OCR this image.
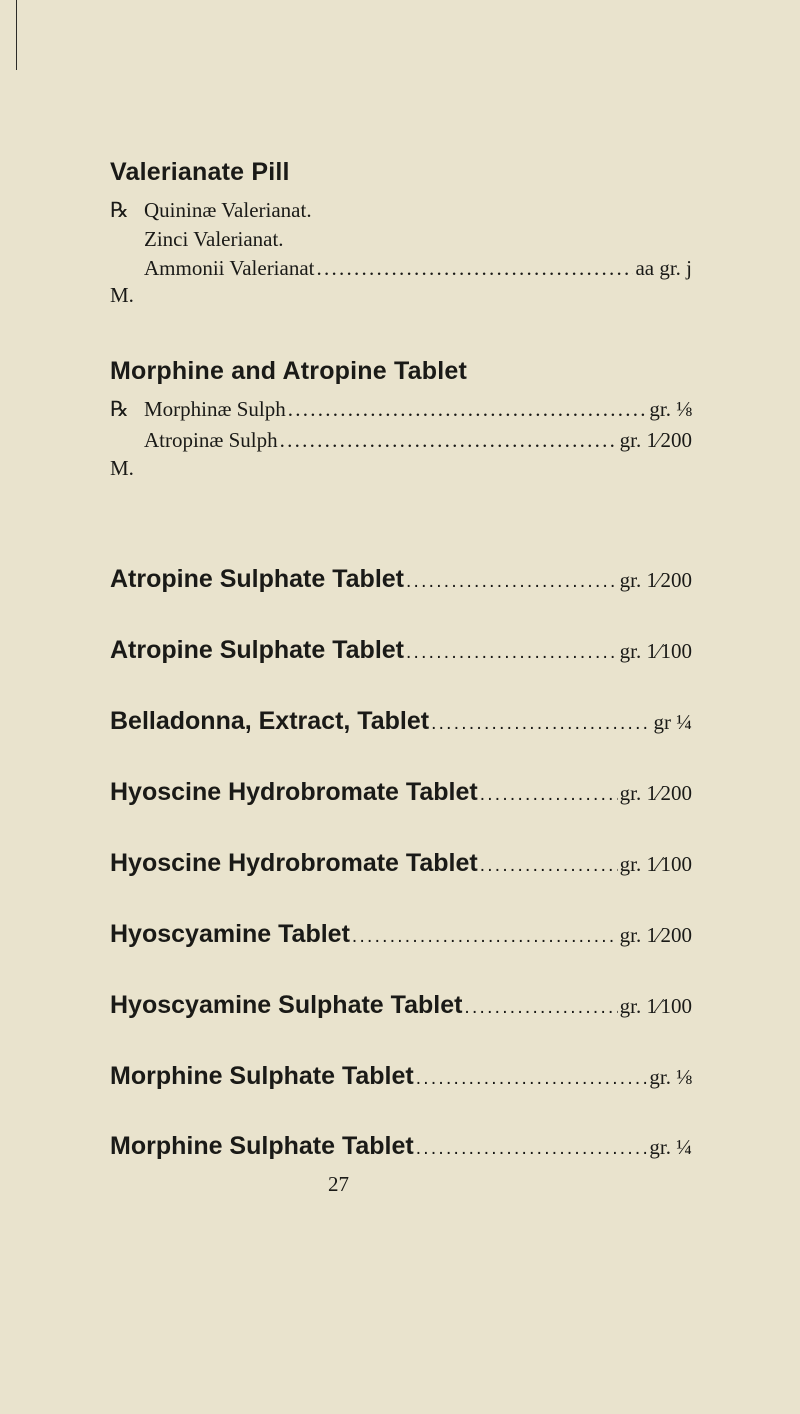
Valerianate Pill
℞ Quininæ Valerianat.
Zinci Valerianat.
Ammonii Valerianat . . .	aa gr. j
M.
Morphine and Atropine Tablet
℞ Morphinæ Sulph . . .	gr. ⅛
Atropinæ Sulph . . .	gr. 1⁄200
M.
Atropine Sulphate Tablet . . .	gr. 1⁄200
Atropine Sulphate Tablet . . .	gr. 1⁄100
Belladonna, Extract, Tablet . . .	gr ¼
Hyoscine Hydrobromate Tablet . . .	gr. 1⁄200
Hyoscine Hydrobromate Tablet . . .	gr. 1⁄100
Hyoscyamine Tablet . . .	gr. 1⁄200
Hyoscyamine Sulphate Tablet . . .	gr. 1⁄100
Morphine Sulphate Tablet . . .	gr. ⅛
Morphine Sulphate Tablet . . .	gr. ¼
27
